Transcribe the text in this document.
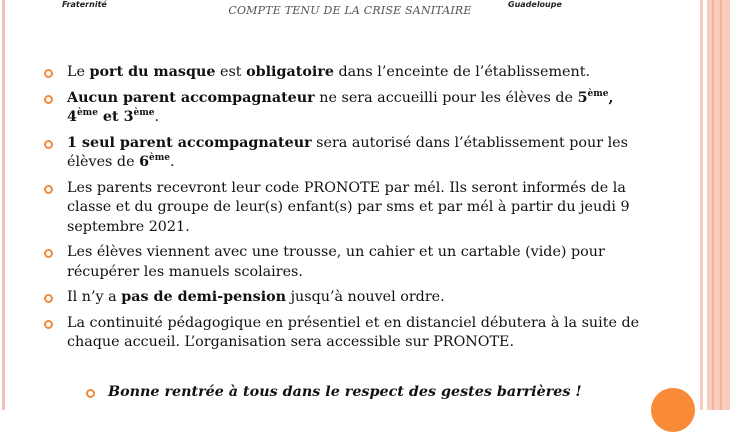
Fraternité	Guadeloupe
COMPTE TENU DE LA CRISE SANITAIRE
Le port du masque est obligatoire dans l’enceinte de l’établissement.
Aucun parent accompagnateur ne sera accueilli pour les élèves de 5ème, 4ème et 3ème.
1 seul parent accompagnateur sera autorisé dans l’établissement pour les élèves de 6ème.
Les parents recevront leur code PRONOTE par mél. Ils seront informés de la classe et du groupe de leur(s) enfant(s) par sms et par mél à partir du jeudi 9 septembre 2021.
Les élèves viennent avec une trousse, un cahier et un cartable (vide) pour récupérer les manuels scolaires.
Il n’y a pas de demi-pension jusqu’à nouvel ordre.
La continuité pédagogique en présentiel et en distanciel débutera à la suite de chaque accueil. L’organisation sera accessible sur PRONOTE.
Bonne rentrée à tous dans le respect des gestes barrières !
